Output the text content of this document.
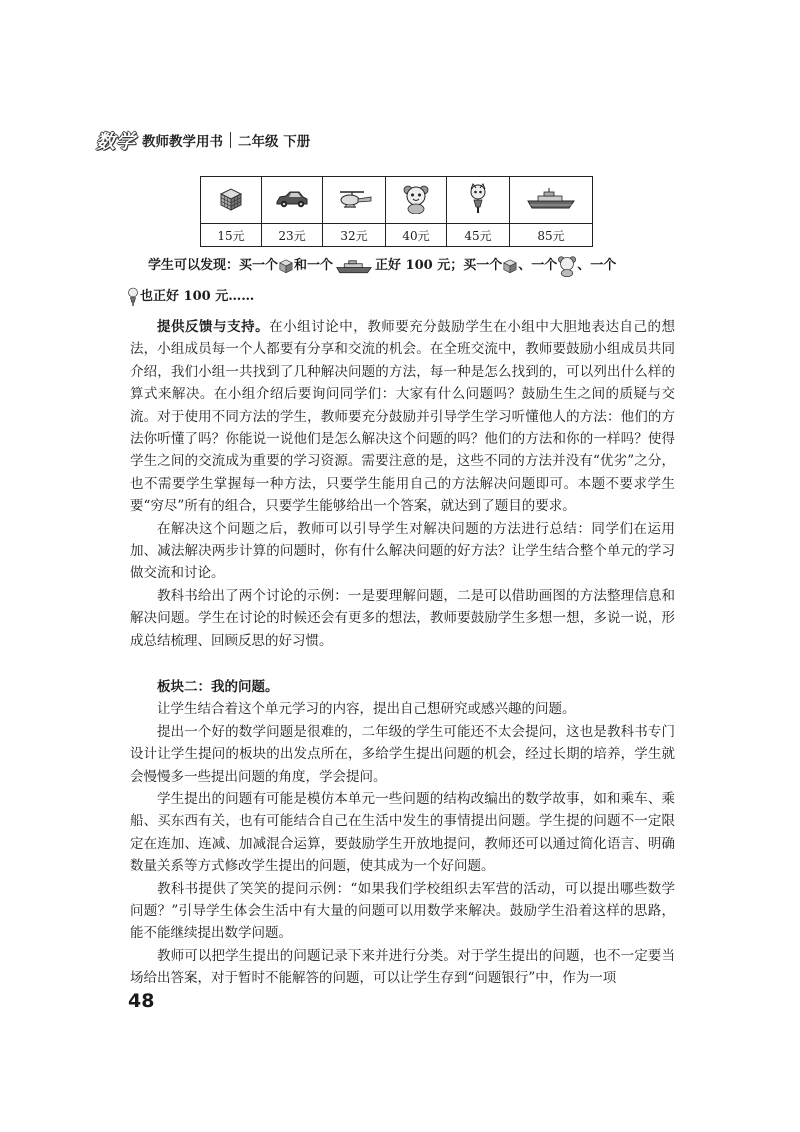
数 学 教师教学用书 二年级 下册

15元	23元	32元	40元	45元	85元

学生可以发现：买一个 和一个	正好 100 元；买一个 、一个 、一个

也正好 100 元……

提供反馈与支持。在小组讨论中，教师要充分鼓励学生在小组中大胆地表达自己的想法，小组成员每一个人都要有分享和交流的机会。在全班交流中，教师要鼓励小组成员共同介绍，我们小组一共找到了几种解决问题的方法，每一种是怎么找到的，可以列出什么样的算式来解决。在小组介绍后要询问同学们：大家有什么问题吗？鼓励生生之间的质疑与交流。对于使用不同方法的学生，教师要充分鼓励并引导学生学习听懂他人的方法：他们的方法你听懂了吗？你能说一说他们是怎么解决这个问题的吗？他们的方法和你的一样吗？使得学生之间的交流成为重要的学习资源。需要注意的是，这些不同的方法并没有“优劣”之分，也不需要学生掌握每一种方法，只要学生能用自己的方法解决问题即可。本题不要求学生要“穷尽”所有的组合，只要学生能够给出一个答案，就达到了题目的要求。

在解决这个问题之后，教师可以引导学生对解决问题的方法进行总结：同学们在运用加、减法解决两步计算的问题时，你有什么解决问题的好方法？让学生结合整个单元的学习做交流和讨论。

教科书给出了两个讨论的示例：一是要理解问题，二是可以借助画图的方法整理信息和解决问题。学生在讨论的时候还会有更多的想法，教师要鼓励学生多想一想，多说一说，形成总结梳理、回顾反思的好习惯。

板块二：我的问题。

让学生结合着这个单元学习的内容，提出自己想研究或感兴趣的问题。

提出一个好的数学问题是很难的，二年级的学生可能还不太会提问，这也是教科书专门设计让学生提问的板块的出发点所在，多给学生提出问题的机会，经过长期的培养，学生就会慢慢多一些提出问题的角度，学会提问。

学生提出的问题有可能是模仿本单元一些问题的结构改编出的数学故事，如和乘车、乘船、买东西有关，也有可能结合自己在生活中发生的事情提出问题。学生提的问题不一定限定在连加、连减、加减混合运算，要鼓励学生开放地提问，教师还可以通过简化语言、明确数量关系等方式修改学生提出的问题，使其成为一个好问题。

教科书提供了笑笑的提问示例：“如果我们学校组织去军营的活动，可以提出哪些数学问题？”引导学生体会生活中有大量的问题可以用数学来解决。鼓励学生沿着这样的思路，能不能继续提出数学问题。

教师可以把学生提出的问题记录下来并进行分类。对于学生提出的问题，也不一定要当场给出答案，对于暂时不能解答的问题，可以让学生存到“问题银行”中，作为一项

48
